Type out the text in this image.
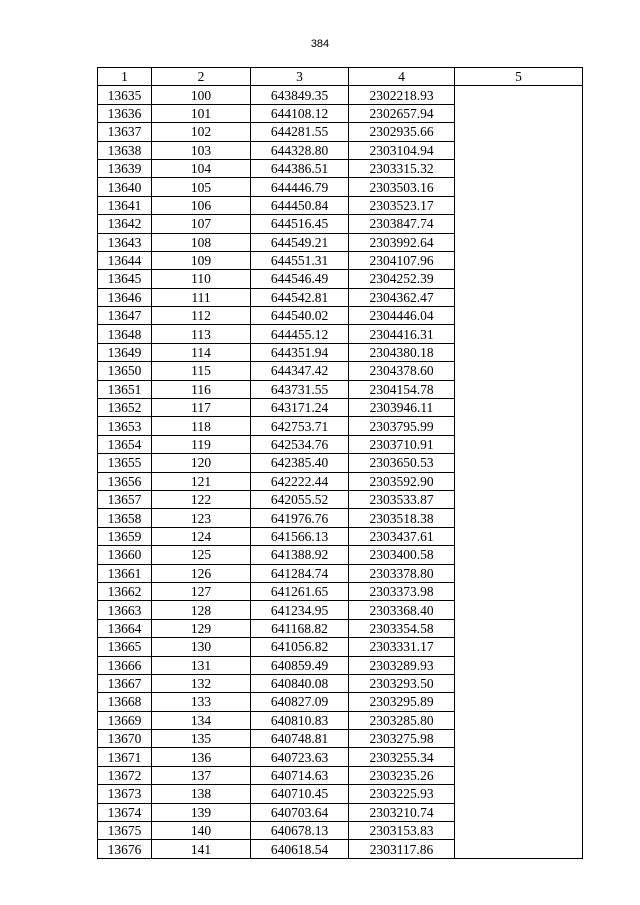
384
1	2	3	4	5
13635	100	643849.35	2302218.93	
13636	101	644108.12	2302657.94	
13637	102	644281.55	2302935.66	
13638	103	644328.80	2303104.94	
13639	104	644386.51	2303315.32	
13640	105	644446.79	2303503.16	
13641	106	644450.84	2303523.17	
13642	107	644516.45	2303847.74	
13643	108	644549.21	2303992.64	
13644	109	644551.31	2304107.96	
13645	110	644546.49	2304252.39	
13646	111	644542.81	2304362.47	
13647	112	644540.02	2304446.04	
13648	113	644455.12	2304416.31	
13649	114	644351.94	2304380.18	
13650	115	644347.42	2304378.60	
13651	116	643731.55	2304154.78	
13652	117	643171.24	2303946.11	
13653	118	642753.71	2303795.99	
13654	119	642534.76	2303710.91	
13655	120	642385.40	2303650.53	
13656	121	642222.44	2303592.90	
13657	122	642055.52	2303533.87	
13658	123	641976.76	2303518.38	
13659	124	641566.13	2303437.61	
13660	125	641388.92	2303400.58	
13661	126	641284.74	2303378.80	
13662	127	641261.65	2303373.98	
13663	128	641234.95	2303368.40	
13664	129	641168.82	2303354.58	
13665	130	641056.82	2303331.17	
13666	131	640859.49	2303289.93	
13667	132	640840.08	2303293.50	
13668	133	640827.09	2303295.89	
13669	134	640810.83	2303285.80	
13670	135	640748.81	2303275.98	
13671	136	640723.63	2303255.34	
13672	137	640714.63	2303235.26	
13673	138	640710.45	2303225.93	
13674	139	640703.64	2303210.74	
13675	140	640678.13	2303153.83	
13676	141	640618.54	2303117.86	
